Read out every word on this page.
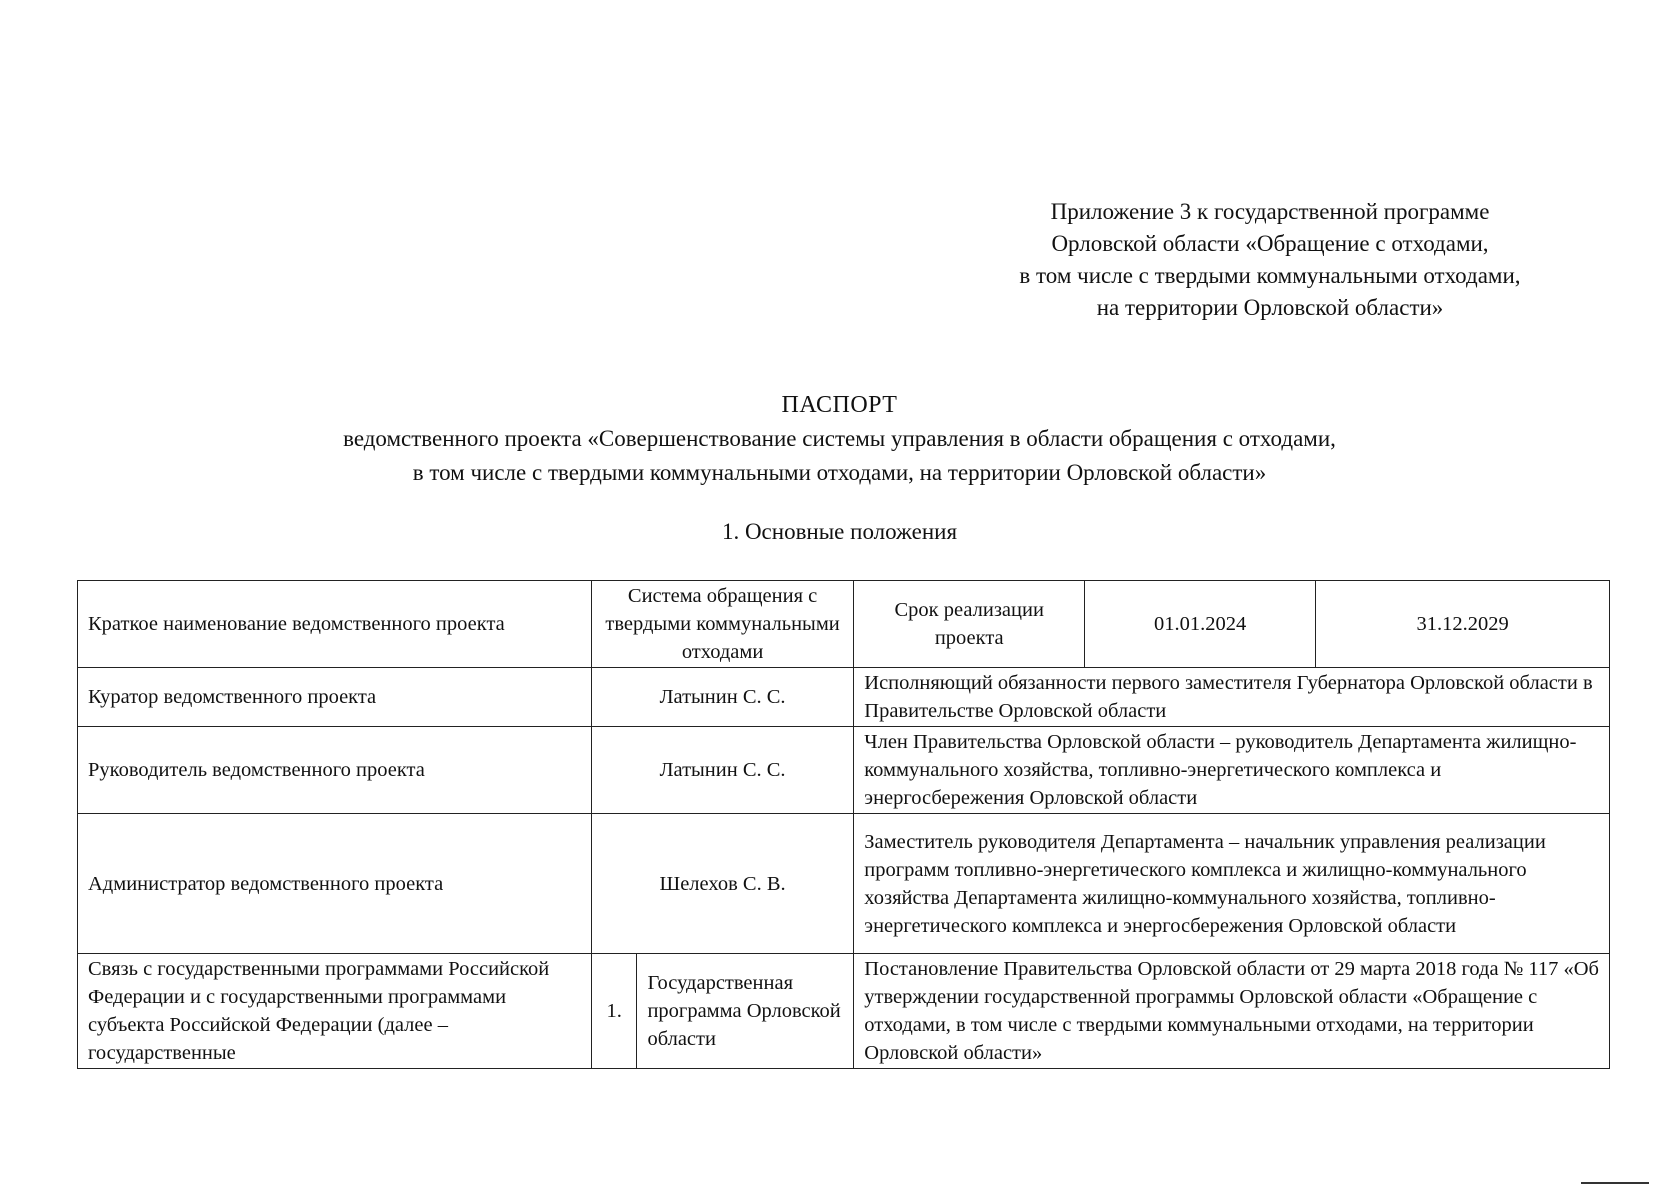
Приложение 3 к государственной программе
Орловской области «Обращение с отходами,
в том числе с твердыми коммунальными отходами,
на территории Орловской области»
ПАСПОРТ
ведомственного проекта «Совершенствование системы управления в области обращения с отходами,
в том числе с твердыми коммунальными отходами, на территории Орловской области»
1. Основные положения
Краткое наименование ведомственного проекта	Система обращения с твердыми коммунальными отходами		Срок реализации проекта	01.01.2024	31.12.2029
Куратор ведомственного проекта	Латынин С. С.		Исполняющий обязанности первого заместителя Губернатора Орловской области в Правительстве Орловской области		
Руководитель ведомственного проекта	Латынин С. С.		Член Правительства Орловской области – руководитель Департамента жилищно-коммунального хозяйства, топливно-энергетического комплекса и энергосбережения Орловской области		
Администратор ведомственного проекта	Шелехов С. В.		Заместитель руководителя Департамента – начальник управления реализации программ топливно-энергетического комплекса и жилищно-коммунального хозяйства Департамента жилищно-коммунального хозяйства, топливно-энергетического комплекса и энергосбережения Орловской области		
Связь с государственными программами Российской Федерации и с государственными программами субъекта Российской Федерации (далее – государственные	1.	Государственная программа Орловской области	Постановление Правительства Орловской области от 29 марта 2018 года № 117 «Об утверждении государственной программы Орловской области «Обращение с отходами, в том числе с твердыми коммунальными отходами, на территории Орловской области»		
